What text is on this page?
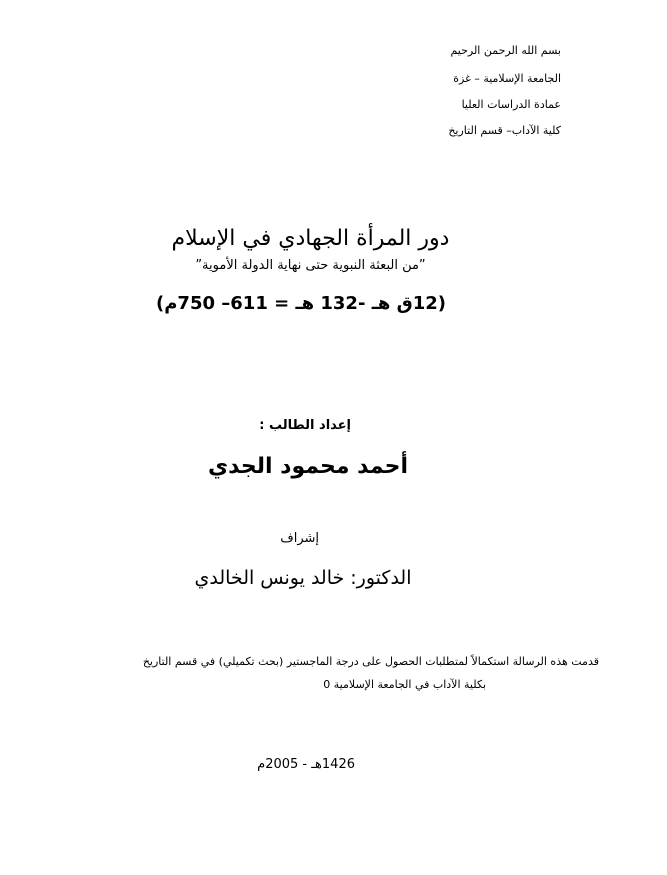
بسم الله الرحمن الرحيم
الجامعة الإسلامية – غزة
عمادة الدراسات العليا
كلية الآداب– قسم التاريخ
دور المرأة الجهادي في الإسلام
”من البعثة النبوية حتى نهاية الدولة الأموية”
(12ق هـ -132 هـ = 611– 750م)
إعداد الطالب :
أحمد محمود الجدي
إشراف
الدكتور: خالد يونس الخالدي
قدمت هذه الرسالة استكمالاً لمتطلبات الحصول على درجة الماجستير (بحث تكميلي) في قسم التاريخ
بكلية الآداب في الجامعة الإسلامية 0
1426هـ - 2005م
